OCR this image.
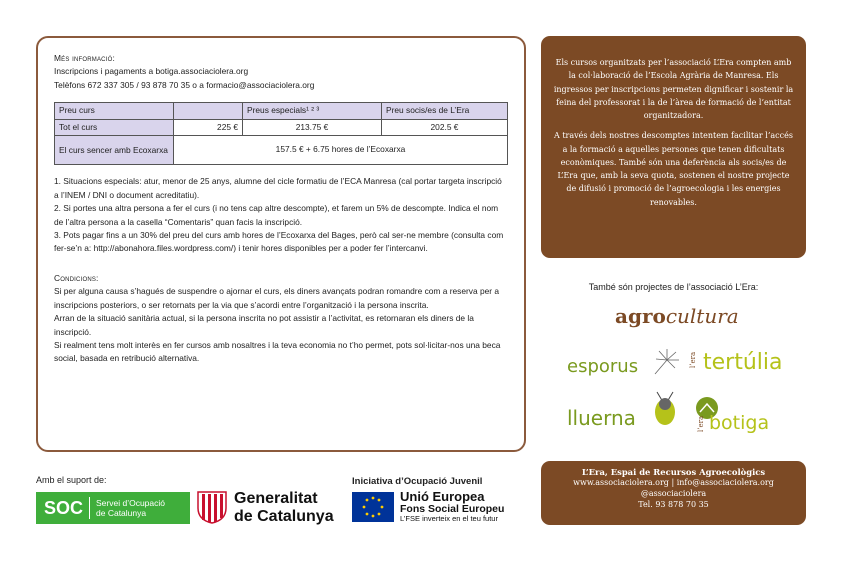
Més informació:
Inscripcions i pagaments a botiga.associaciolera.org
Telèfons 672 337 305 / 93 878 70 35 o a formacio@associaciolera.org
Preu curs		Preus especials¹ ² ³	Preu socis/es de L’Era
Tot el curs	225 €	213.75 €	202.5 €
El curs sencer amb Ecoxarxa	157.5 € + 6.75 hores de l’Ecoxarxa		

1. Situacions especials: atur, menor de 25 anys, alumne del cicle formatiu de l’ECA Manresa (cal portar targeta inscripció a l’INEM / DNI o document acreditatiu).

2. Si portes una altra persona a fer el curs (i no tens cap altre descompte), et farem un 5% de descompte. Indica el nom de l’altra persona a la casella “Comentaris” quan facis la inscripció.

3. Pots pagar fins a un 30% del preu del curs amb hores de l’Ecoxarxa del Bages, però cal ser-ne membre (consulta com fer-se’n a: http://abonahora.files.wordpress.com/) i tenir hores disponibles per a poder fer l’intercanvi.

Condicions:

Si per alguna causa s’hagués de suspendre o ajornar el curs, els diners avançats podran romandre com a reserva per a inscripcions posteriors, o ser retornats per la via que s’acordi entre l’organització i la persona inscrita.

Arran de la situació sanitària actual, si la persona inscrita no pot assistir a l’activitat, es retornaran els diners de la inscripció.

Si realment tens molt interès en fer cursos amb nosaltres i la teva economia no t’ho permet, pots sol·licitar-nos una beca social, basada en retribució alternativa.

Els cursos organitzats per l’associació L’Era compten amb la col·laboració de l’Escola Agrària de Manresa. Els ingressos per inscripcions permeten dignificar i sostenir la feina del professorat i la de l’àrea de formació de l’entitat organitzadora.

A través dels nostres descomptes intentem facilitar l’accés a la formació a aquelles persones que tenen dificultats econòmiques. També són una deferència als socis/es de L’Era que, amb la seva quota, sostenen el nostre projecte de difusió i promoció de l’agroecologia i les energies renovables.

També són projectes de l’associació L’Era:
agrocultura
esporus	l’era tertúlia
lluerna	l’era botiga
L’Era, Espai de Recursos Agroecològics
www.associaciolera.org | info@associaciolera.org
@associaciolera
Tel. 93 878 70 35
Amb el suport de:
SOC	Servei d’Ocupació
de Catalunya
Generalitat
de Catalunya
Iniciativa d’Ocupació Juvenil
Unió Europea
Fons Social Europeu
L’FSE inverteix en el teu futur
